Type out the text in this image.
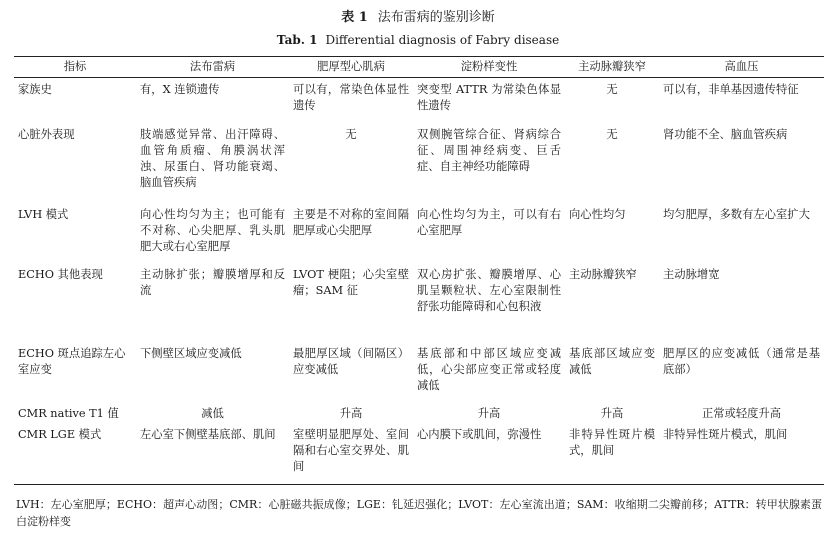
表 1 法布雷病的鉴别诊断
Tab. 1 Differential diagnosis of Fabry disease
指标	法布雷病	肥厚型心肌病	淀粉样变性	主动脉瓣狭窄	高血压
家族史	有，X 连锁遗传	可以有，常染色体显性遗传	突变型 ATTR 为常染色体显性遗传	无	可以有，非单基因遗传特征
心脏外表现	肢端感觉异常、出汗障碍、血管角质瘤、角膜涡状浑浊、尿蛋白、肾功能衰竭、脑血管疾病	无	双侧腕管综合征、肾病综合征、周围神经病变、巨舌症、自主神经功能障碍	无	肾功能不全、脑血管疾病
LVH 模式	向心性均匀为主；也可能有不对称、心尖肥厚、乳头肌肥大或右心室肥厚	主要是不对称的室间隔肥厚或心尖肥厚	向心性均匀为主，可以有右心室肥厚	向心性均匀	均匀肥厚，多数有左心室扩大
ECHO 其他表现	主动脉扩张；瓣膜增厚和反流	LVOT 梗阻；心尖室壁瘤；SAM 征	双心房扩张、瓣膜增厚、心肌呈颗粒状、左心室限制性舒张功能障碍和心包积液	主动脉瓣狭窄	主动脉增宽
ECHO 斑点追踪左心室应变	下侧壁区域应变减低	最肥厚区域（间隔区）应变减低	基底部和中部区域应变减低，心尖部应变正常或轻度减低	基底部区域应变减低	肥厚区的应变减低（通常是基底部）
CMR native T1 值	减低	升高	升高	升高	正常或轻度升高
CMR LGE 模式	左心室下侧壁基底部、肌间	室壁明显肥厚处、室间隔和右心室交界处、肌间	心内膜下或肌间，弥漫性	非特异性斑片模式，肌间	非特异性斑片模式，肌间
LVH：左心室肥厚；ECHO：超声心动图；CMR：心脏磁共振成像；LGE：钆延迟强化；LVOT：左心室流出道；SAM：收缩期二尖瓣前移；ATTR：转甲状腺素蛋白淀粉样变
